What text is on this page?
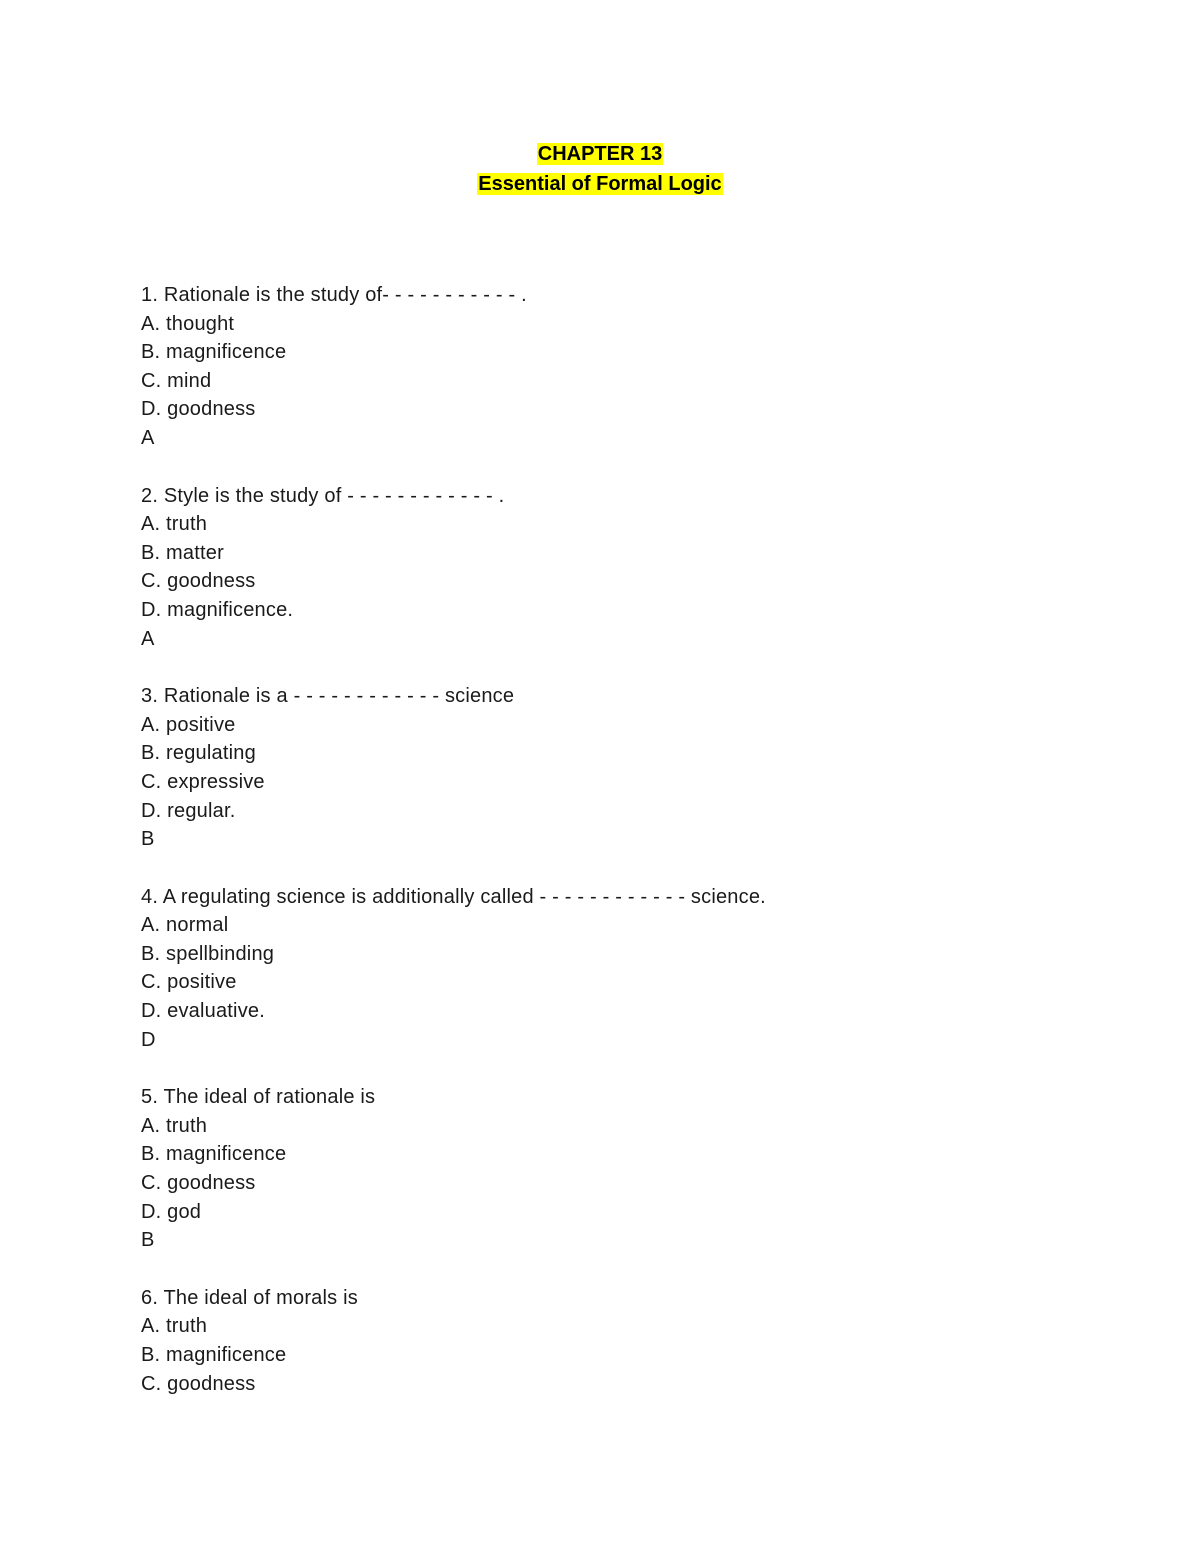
CHAPTER 13
Essential of Formal Logic
1. Rationale is the study of- - - - - - - - - - - .
A. thought
B. magnificence
C. mind
D. goodness
A
2. Style is the study of - - - - - - - - - - - - .
A. truth
B. matter
C. goodness
D. magnificence.
A
3. Rationale is a - - - - - - - - - - - - science
A. positive
B. regulating
C. expressive
D. regular.
B
4. A regulating science is additionally called - - - - - - - - - - - - science.
A. normal
B. spellbinding
C. positive
D. evaluative.
D
5. The ideal of rationale is
A. truth
B. magnificence
C. goodness
D. god
B
6. The ideal of morals is
A. truth
B. magnificence
C. goodness
